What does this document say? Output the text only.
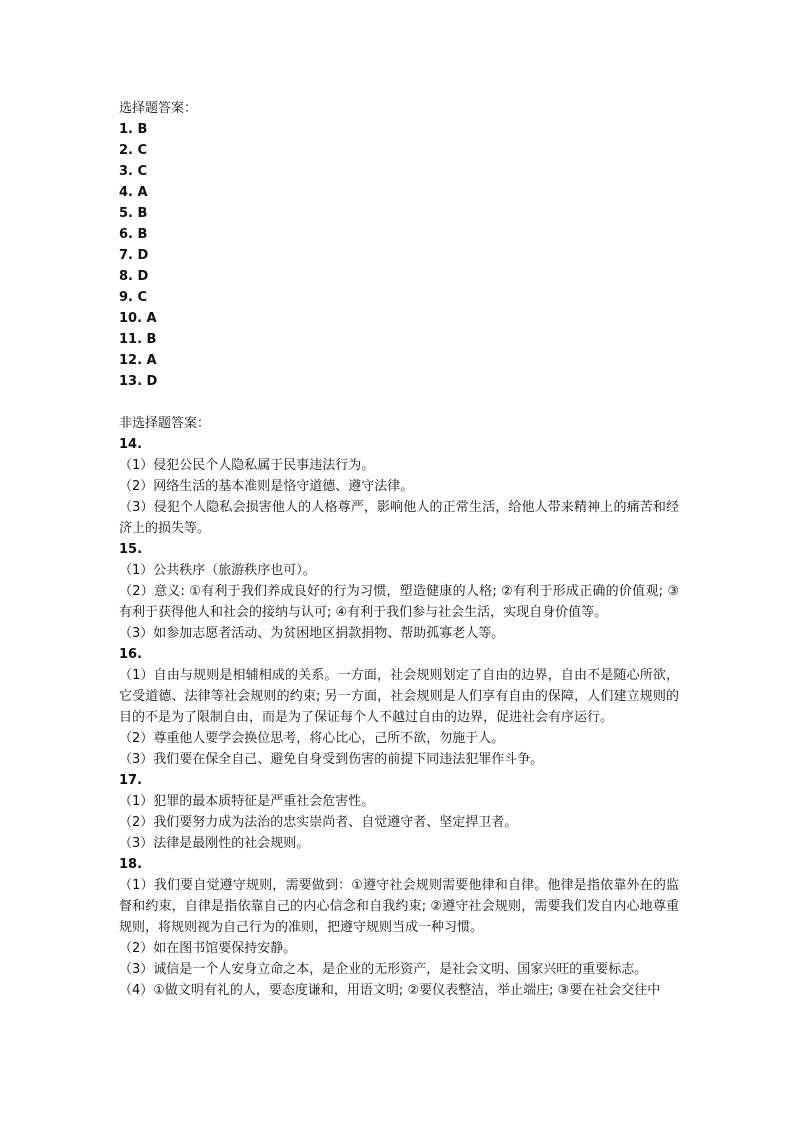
选择题答案：
1. B
2. C
3. C
4. A
5. B
6. B
7. D
8. D
9. C
10. A
11. B
12. A
13. D
非选择题答案：
14.
（1）侵犯公民个人隐私属于民事违法行为。
（2）网络生活的基本准则是恪守道德、遵守法律。
（3）侵犯个人隐私会损害他人的人格尊严，影响他人的正常生活，给他人带来精神上的痛苦和经济上的损失等。
15.
（1）公共秩序（旅游秩序也可）。
（2）意义: ①有利于我们养成良好的行为习惯，塑造健康的人格; ②有利于形成正确的价值观; ③有利于获得他人和社会的接纳与认可; ④有利于我们参与社会生活，实现自身价值等。
（3）如参加志愿者活动、为贫困地区捐款捐物、帮助孤寡老人等。
16.
（1）自由与规则是相辅相成的关系。一方面，社会规则划定了自由的边界，自由不是随心所欲，它受道德、法律等社会规则的约束; 另一方面，社会规则是人们享有自由的保障，人们建立规则的目的不是为了限制自由，而是为了保证每个人不越过自由的边界，促进社会有序运行。
（2）尊重他人要学会换位思考，将心比心，己所不欲，勿施于人。
（3）我们要在保全自己、避免自身受到伤害的前提下同违法犯罪作斗争。
17.
（1）犯罪的最本质特征是严重社会危害性。
（2）我们要努力成为法治的忠实崇尚者、自觉遵守者、坚定捍卫者。
（3）法律是最刚性的社会规则。
18.
（1）我们要自觉遵守规则，需要做到：①遵守社会规则需要他律和自律。他律是指依靠外在的监督和约束，自律是指依靠自己的内心信念和自我约束; ②遵守社会规则，需要我们发自内心地尊重规则，将规则视为自己行为的准则，把遵守规则当成一种习惯。
（2）如在图书馆要保持安静。
（3）诚信是一个人安身立命之本，是企业的无形资产，是社会文明、国家兴旺的重要标志。
（4）①做文明有礼的人，要态度谦和，用语文明; ②要仪表整洁，举止端庄; ③要在社会交往中
